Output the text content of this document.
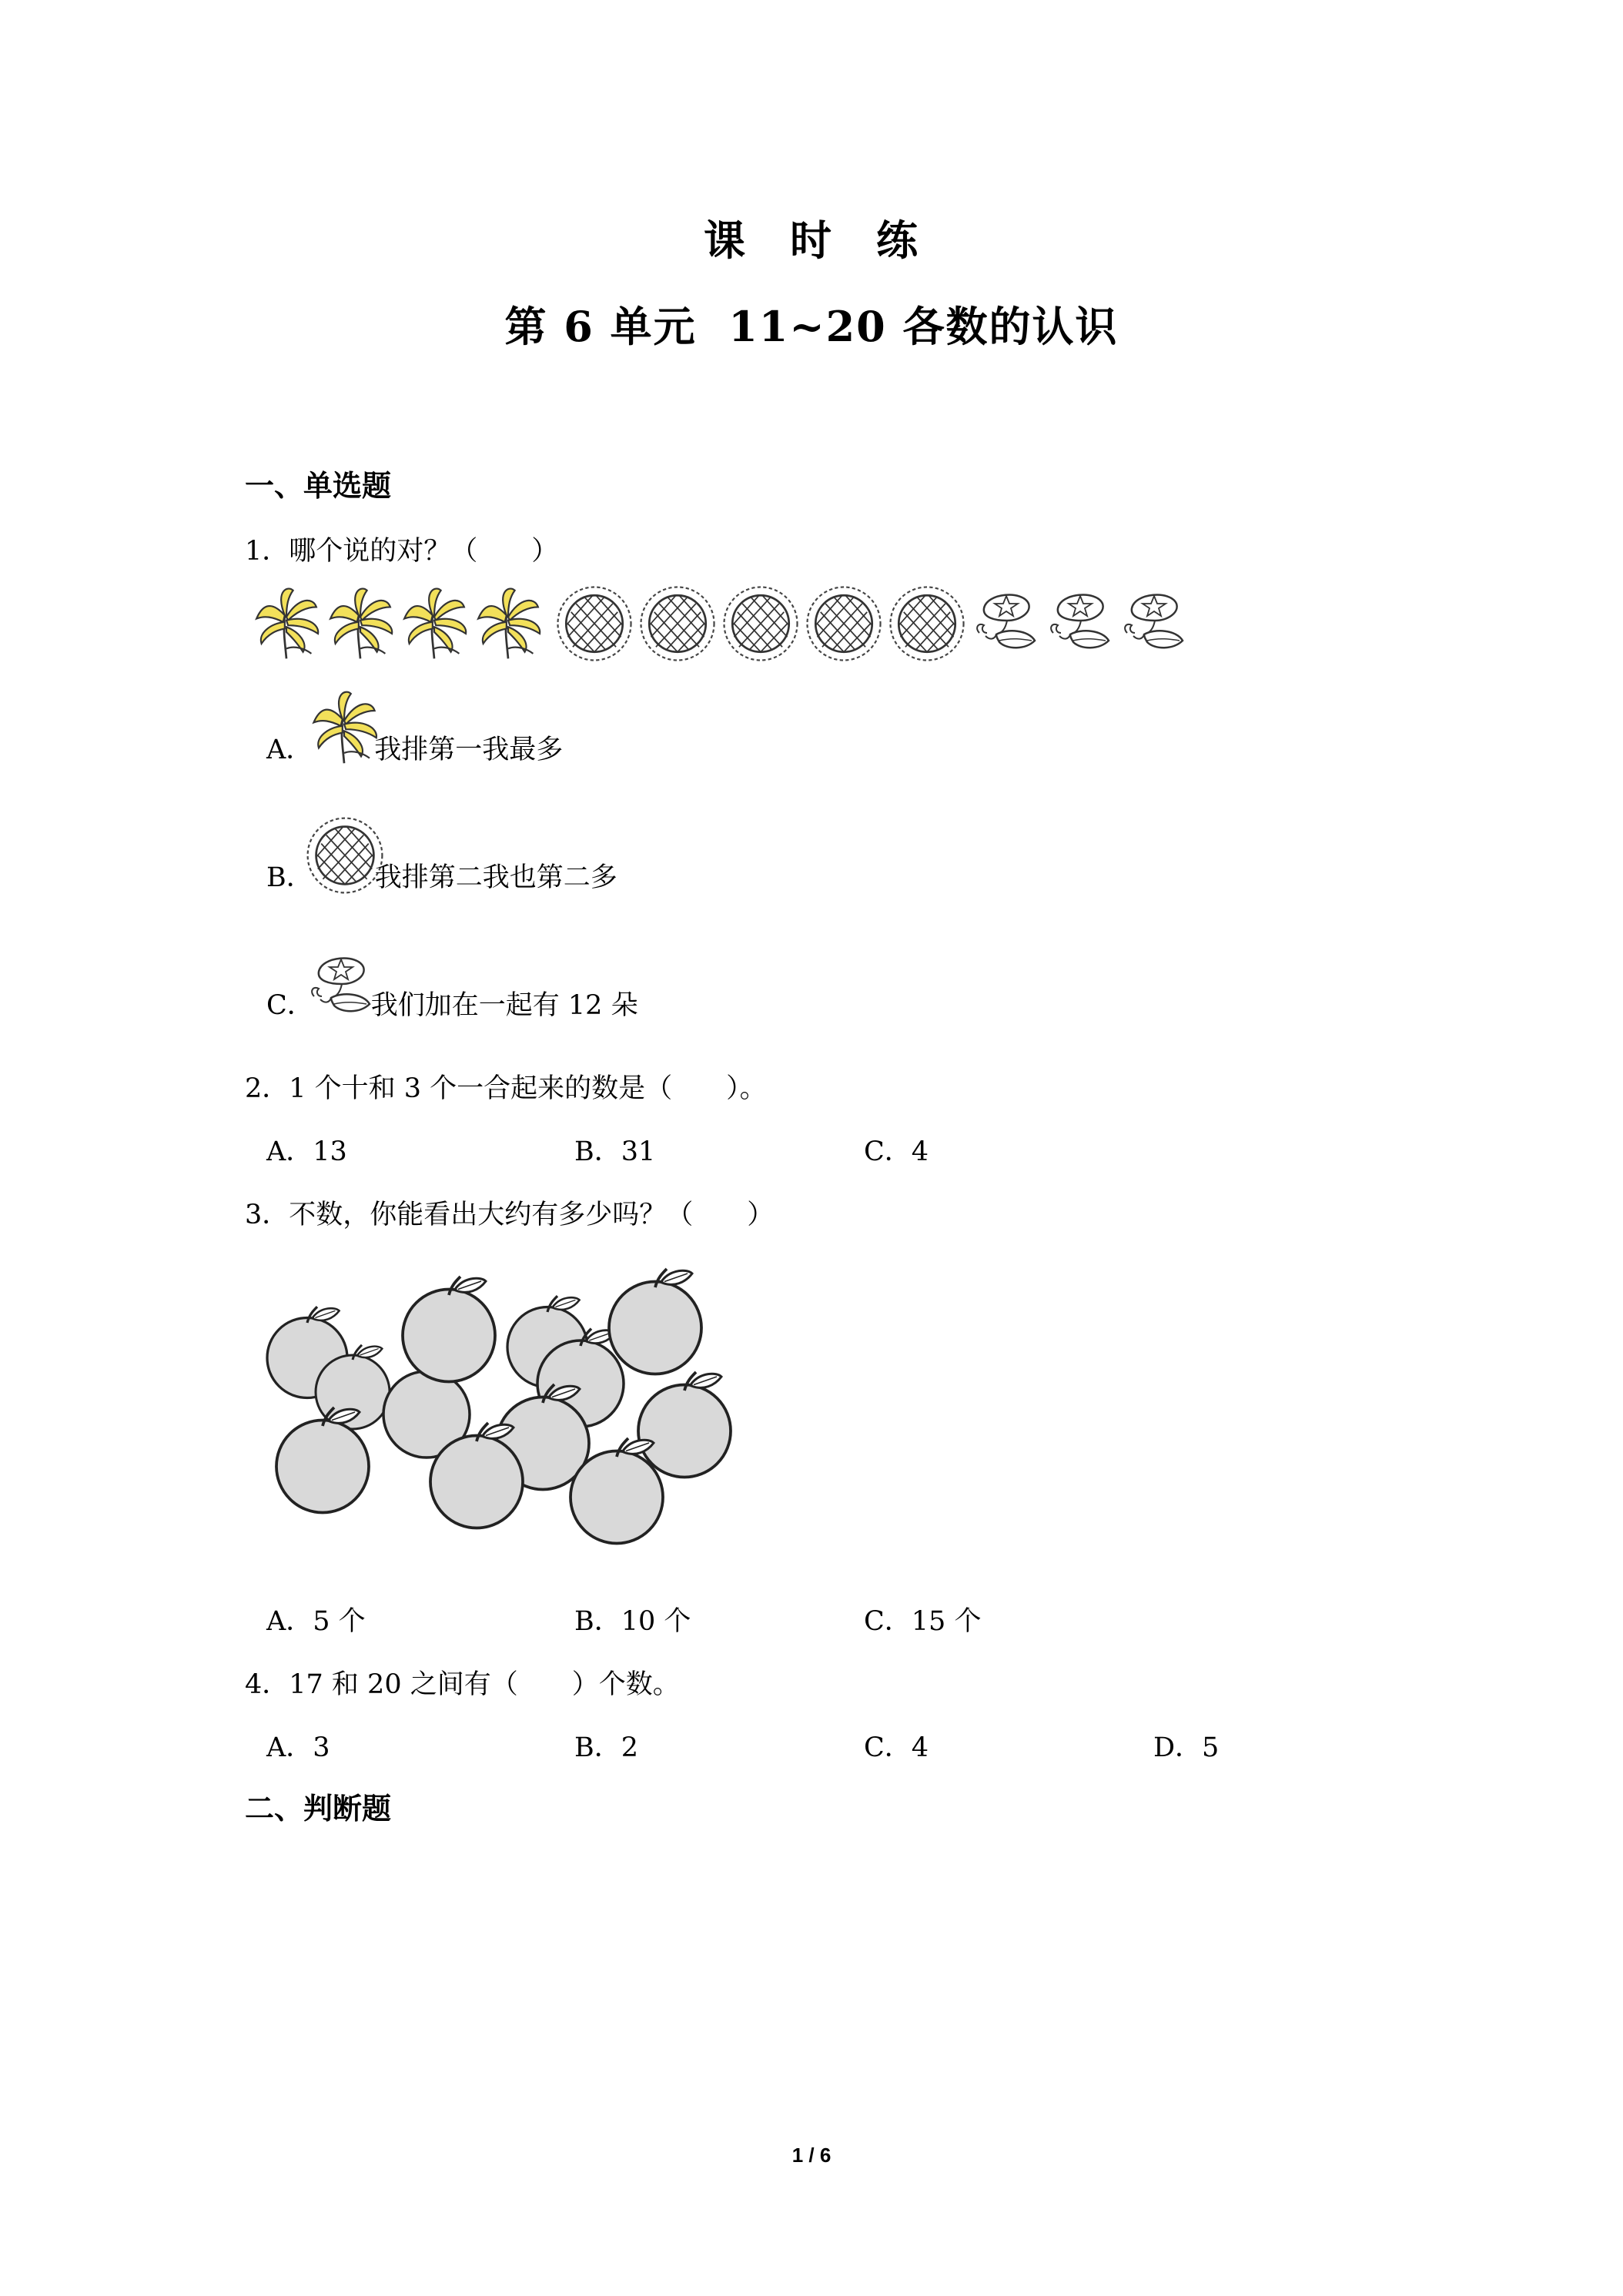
课　时　练
第 6 单元  11~20 各数的认识
一、单选题
1．哪个说的对？（　　）
A． 我排第一我最多
B． 我排第二我也第二多
C． 我们加在一起有 12 朵
2．1 个十和 3 个一合起来的数是（　　）。
A．13	B．31	C．4
3．不数，你能看出大约有多少吗？（　　）
A．5 个	B．10 个	C．15 个
4．17 和 20 之间有（　　）个数。
A．3	B．2	C．4	D．5
二、判断题
1 / 6
